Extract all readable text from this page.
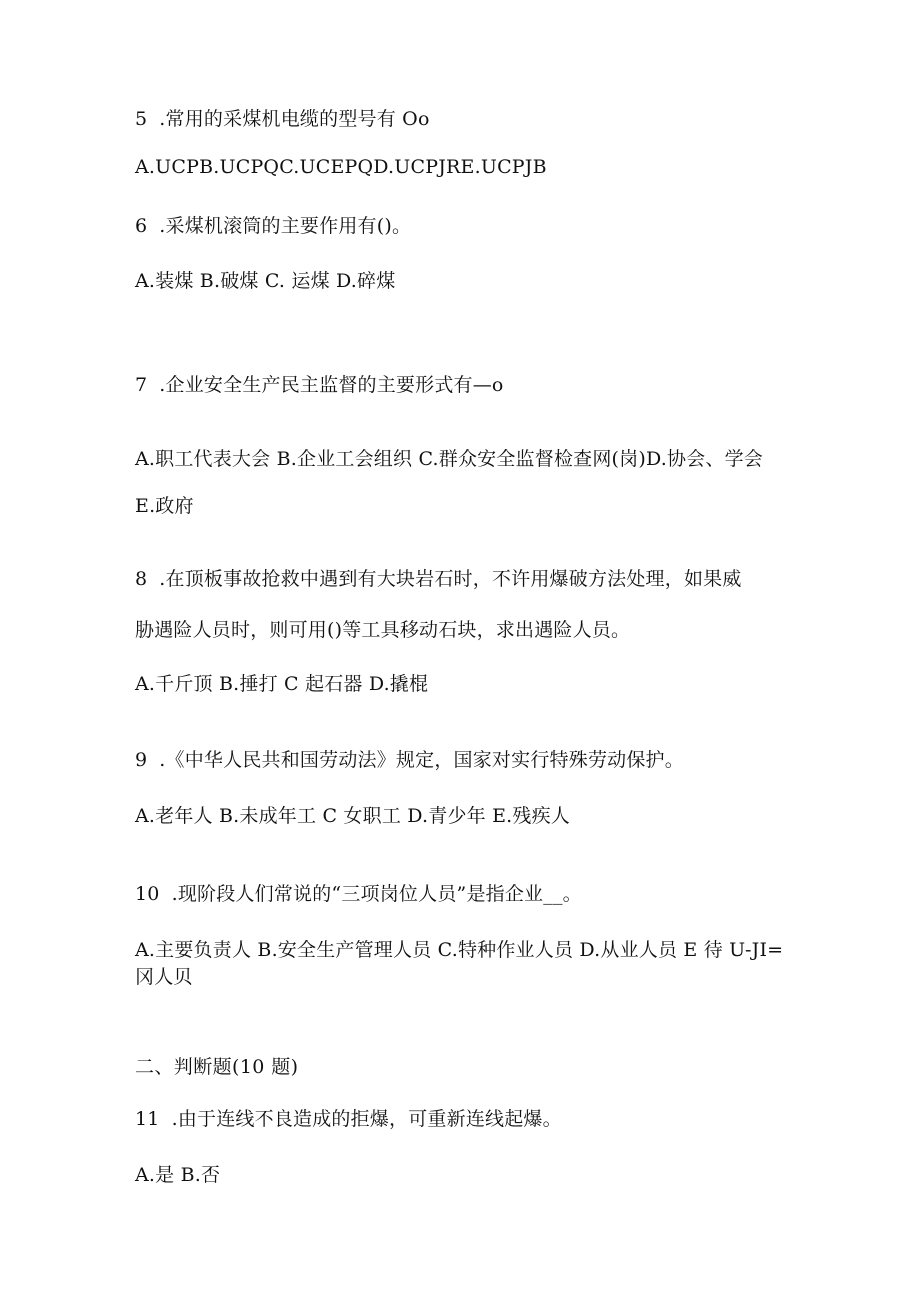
5 .常用的采煤机电缆的型号有 Oo
A.UCPB.UCPQC.UCEPQD.UCPJRE.UCPJB
6 .采煤机滚筒的主要作用有()。
A.装煤 B.破煤 C. 运煤 D.碎煤
7 .企业安全生产民主监督的主要形式有—o
A.职工代表大会 B.企业工会组织 C.群众安全监督检查网(岗)D.协会、学会
E.政府
8 .在顶板事故抢救中遇到有大块岩石时，不许用爆破方法处理，如果威
胁遇险人员时，则可用()等工具移动石块，求出遇险人员。
A.千斤顶 B.捶打 C 起石器 D.撬棍
9 .《中华人民共和国劳动法》规定，国家对实行特殊劳动保护。
A.老年人 B.未成年工 C 女职工 D.青少年 E.残疾人
10 .现阶段人们常说的“三项岗位人员”是指企业__。
A.主要负责人 B.安全生产管理人员 C.特种作业人员 D.从业人员 E 待 U-JI=
冈人贝
二、判断题(10 题)
11 .由于连线不良造成的拒爆，可重新连线起爆。
A.是 B.否
